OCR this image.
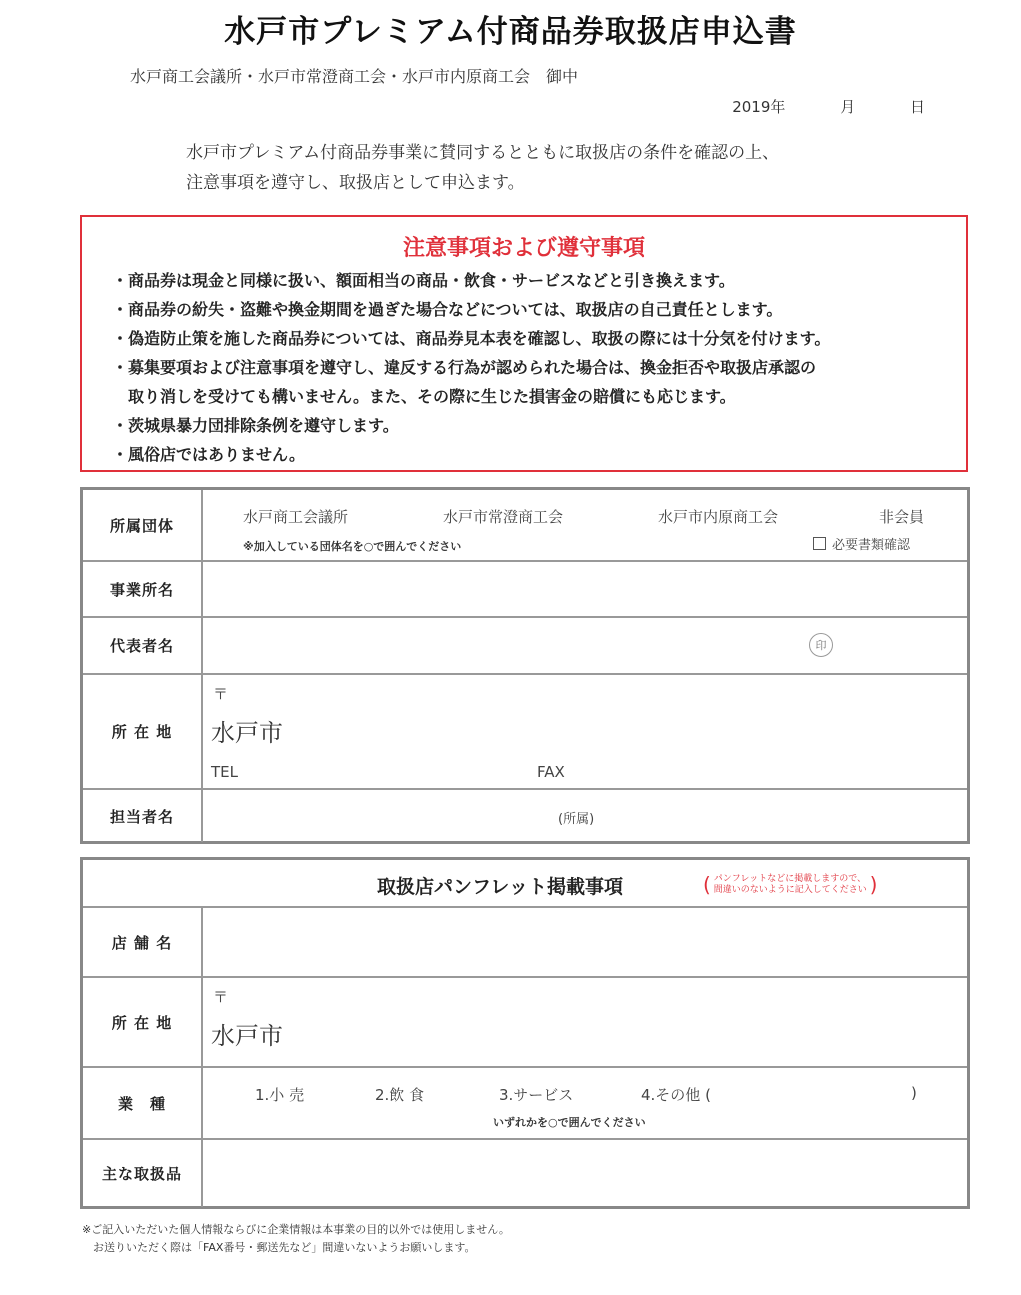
水戸市プレミアム付商品券取扱店申込書
水戸商工会議所・水戸市常澄商工会・水戸市内原商工会　御中
2019年	月	日
水戸市プレミアム付商品券事業に賛同するとともに取扱店の条件を確認の上、
注意事項を遵守し、取扱店として申込ます。
注意事項および遵守事項
・商品券は現金と同様に扱い、額面相当の商品・飲食・サービスなどと引き換えます。
・商品券の紛失・盗難や換金期間を過ぎた場合などについては、取扱店の自己責任とします。
・偽造防止策を施した商品券については、商品券見本表を確認し、取扱の際には十分気を付けます。
・募集要項および注意事項を遵守し、違反する行為が認められた場合は、換金拒否や取扱店承認の
　取り消しを受けても構いません。また、その際に生じた損害金の賠償にも応じます。
・茨城県暴力団排除条例を遵守します。
・風俗店ではありません。
所属団体	水戸商工会議所	水戸市常澄商工会	水戸市内原商工会	非会員
※加入している団体名を○で囲んでください	必要書類確認
事業所名
代表者名	印
所 在 地
〒
水戸市
TEL	FAX
担当者名	(所属)
取扱店パンフレット掲載事項	( パンフレットなどに掲載しますので、
間違いのないように記入してください )
店 舗 名
所 在 地
〒
水戸市
業　種	1.小 売	2.飲 食	3.サービス	4.その他 (	)
いずれかを○で囲んでください
主な取扱品
※ご記入いただいた個人情報ならびに企業情報は本事業の目的以外では使用しません。
　お送りいただく際は「FAX番号・郵送先など」間違いないようお願いします。
